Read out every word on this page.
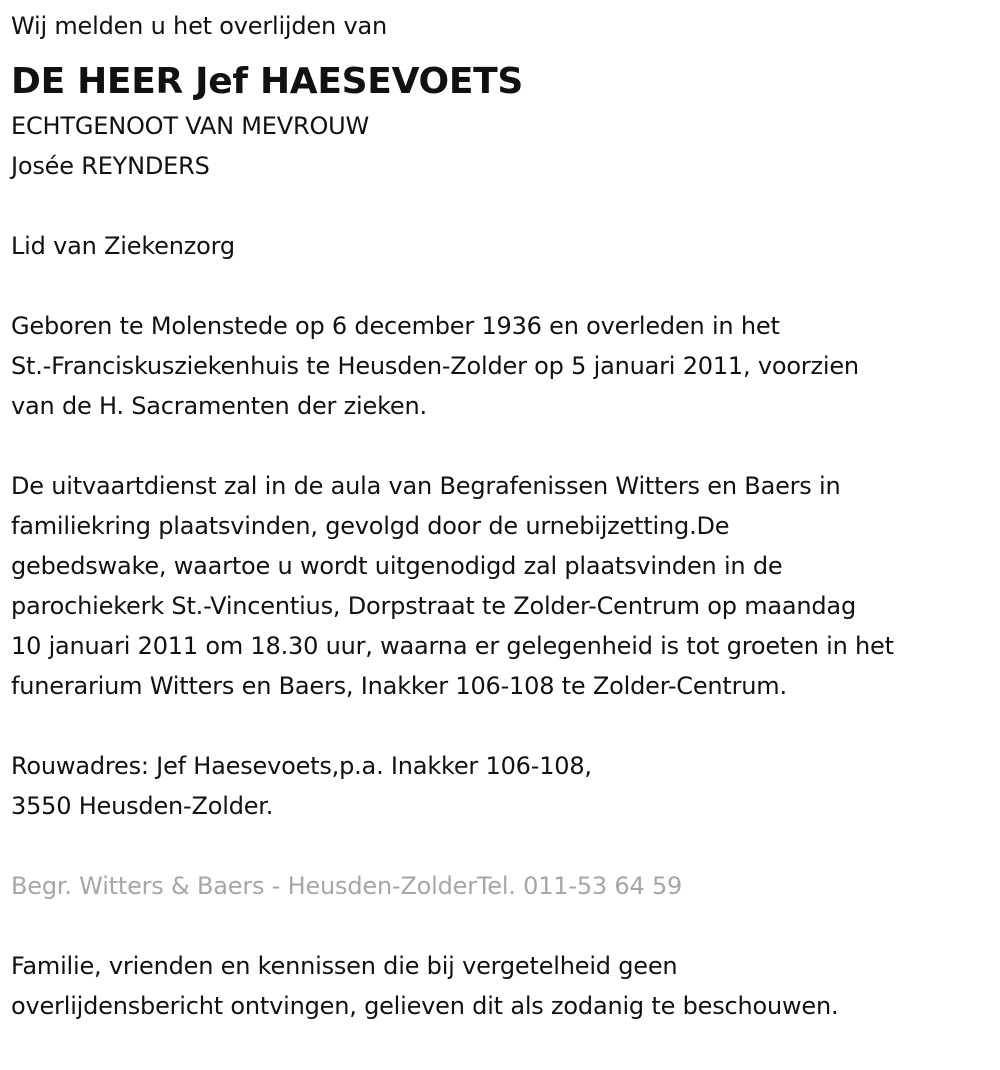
Wij melden u het overlijden van
DE HEER Jef HAESEVOETS
ECHTGENOOT VAN MEVROUW
Josée REYNDERS
Lid van Ziekenzorg
Geboren te Molenstede op 6 december 1936 en overleden in het
St.-Franciskusziekenhuis te Heusden-Zolder op 5 januari 2011, voorzien
van de H. Sacramenten der zieken.
De uitvaartdienst zal in de aula van Begrafenissen Witters en Baers in
familiekring plaatsvinden, gevolgd door de urnebijzetting.De
gebedswake, waartoe u wordt uitgenodigd zal plaatsvinden in de
parochiekerk St.-Vincentius, Dorpstraat te Zolder-Centrum op maandag
10 januari 2011 om 18.30 uur, waarna er gelegenheid is tot groeten in het
funerarium Witters en Baers, Inakker 106-108 te Zolder-Centrum.
Rouwadres: Jef Haesevoets,p.a. Inakker 106-108,
3550 Heusden-Zolder.
Begr. Witters & Baers - Heusden-ZolderTel. 011-53 64 59
Familie, vrienden en kennissen die bij vergetelheid geen
overlijdensbericht ontvingen, gelieven dit als zodanig te beschouwen.
